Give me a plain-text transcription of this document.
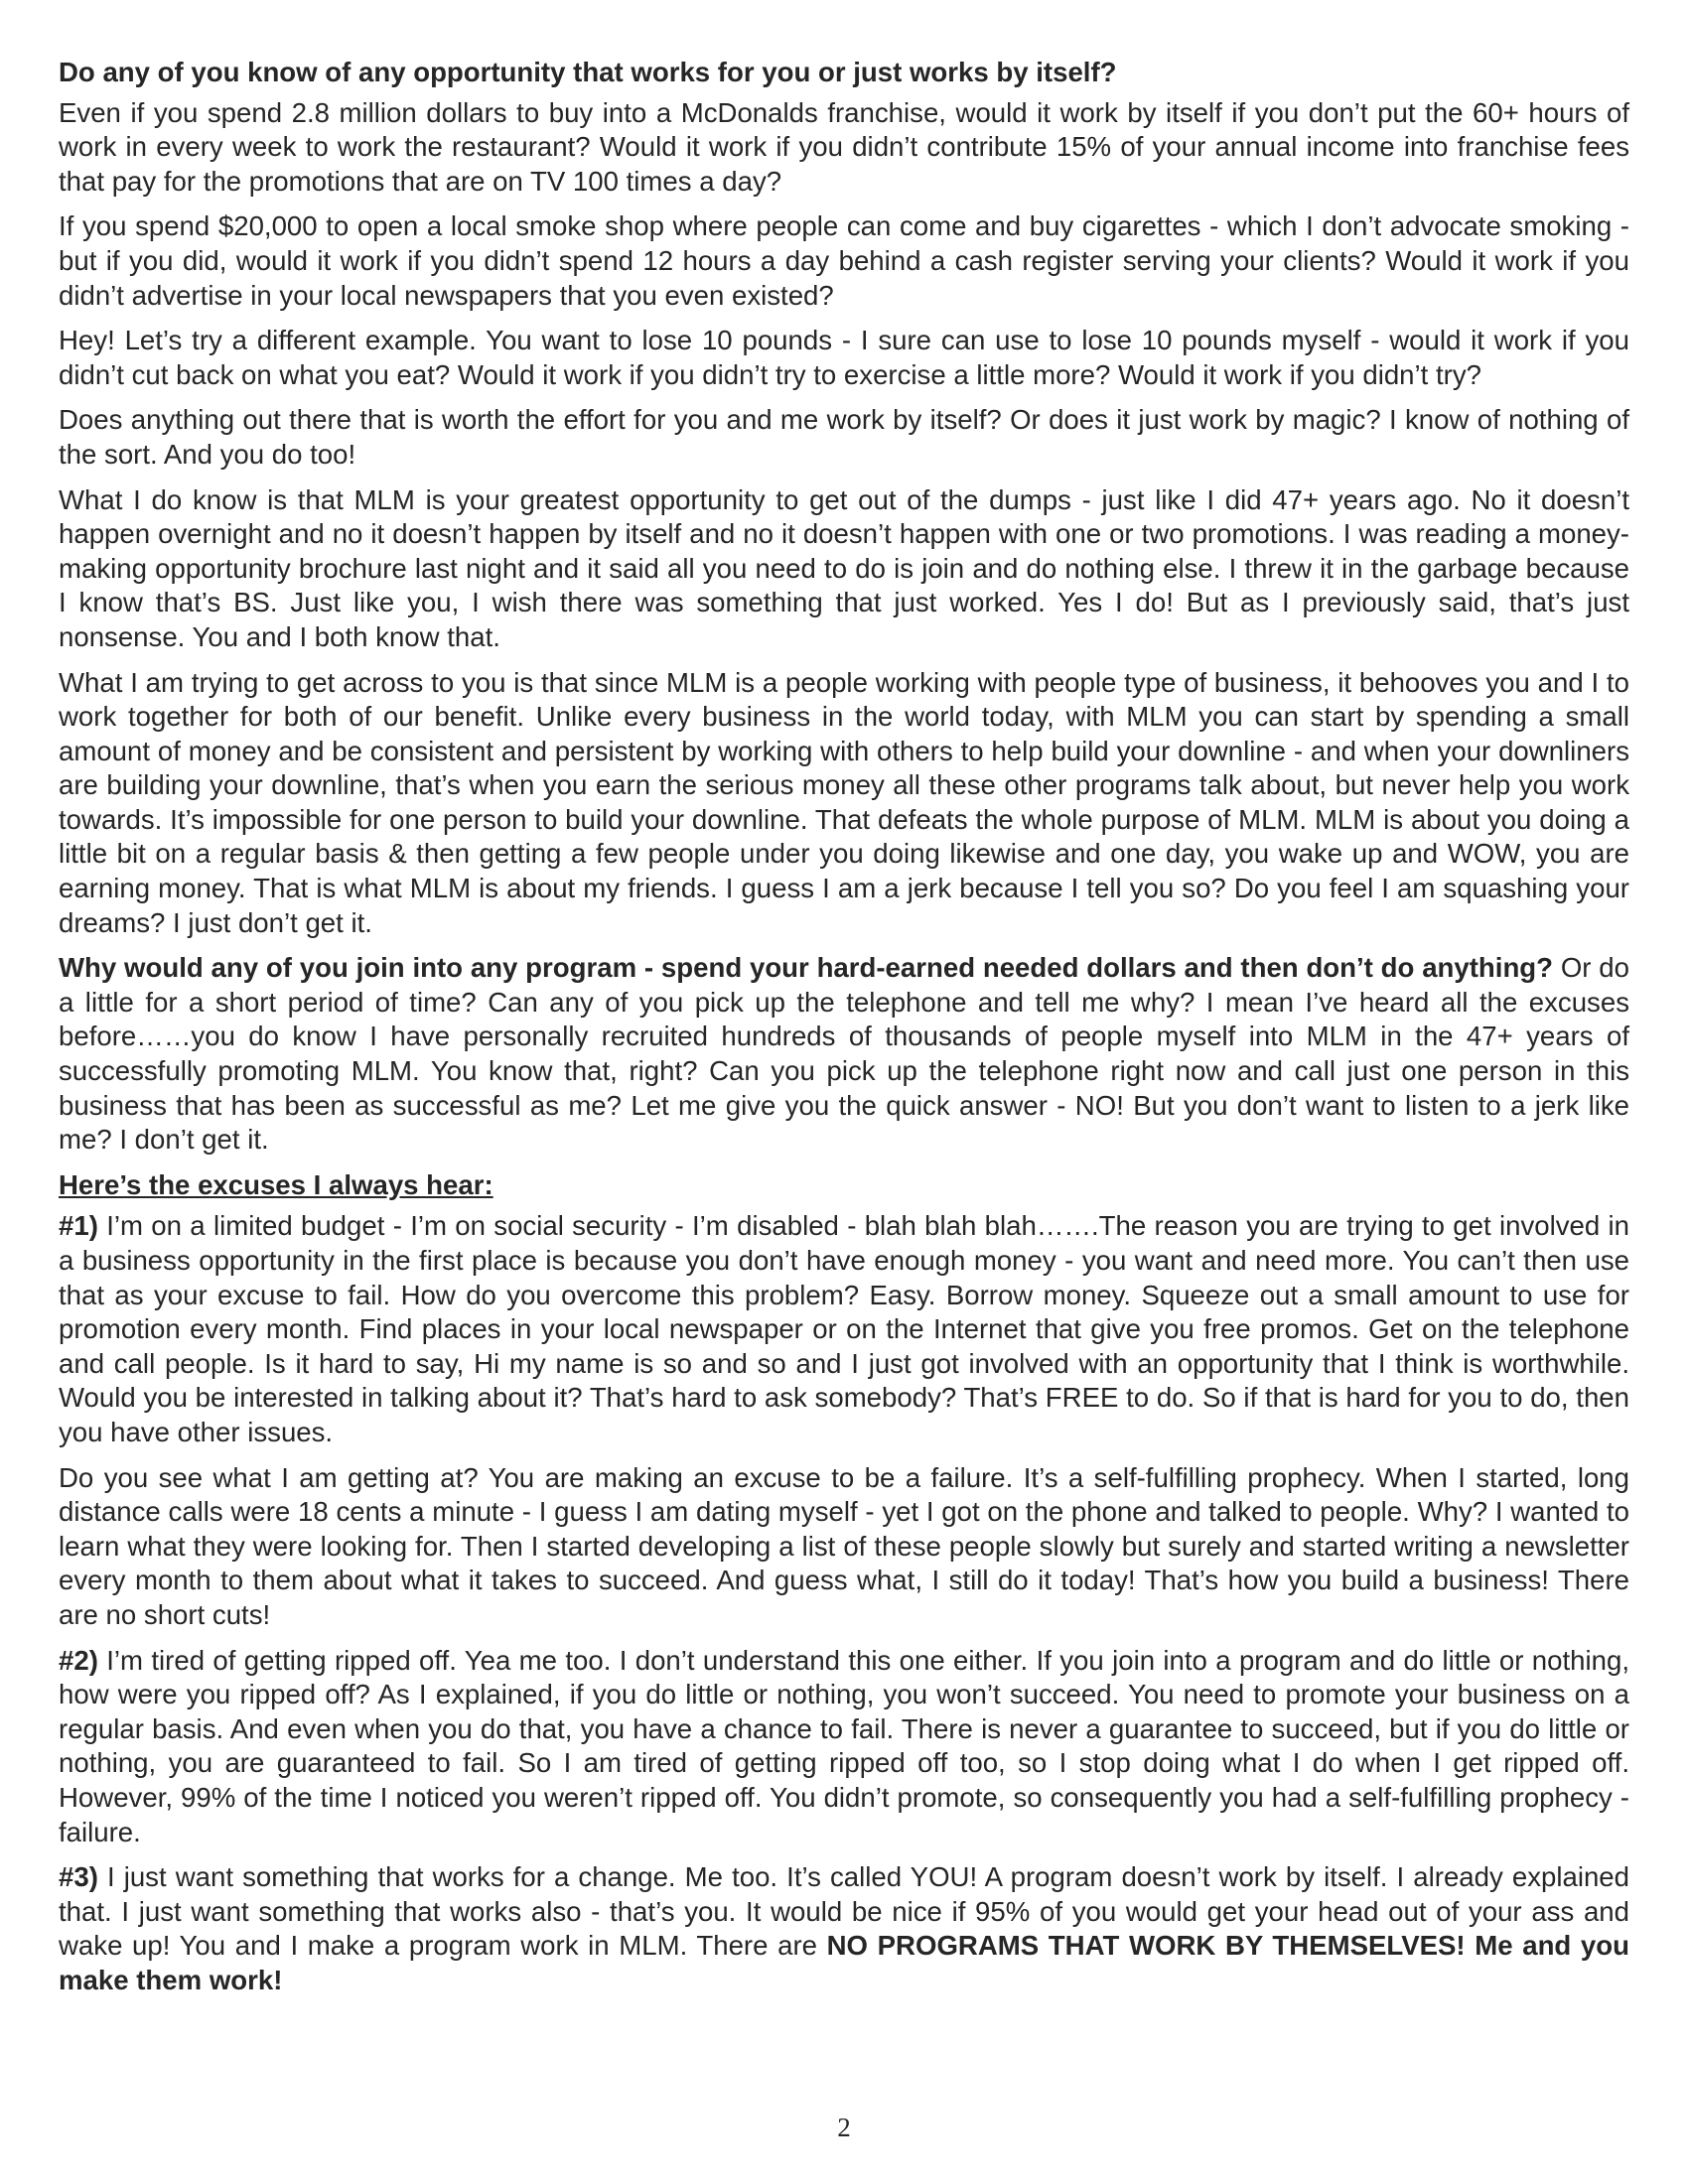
Do any of you know of any opportunity that works for you or just works by itself?

Even if you spend 2.8 million dollars to buy into a McDonalds franchise, would it work by itself if you don’t put the 60+ hours of work in every week to work the restaurant? Would it work if you didn’t contribute 15% of your annual income into franchise fees that pay for the promotions that are on TV 100 times a day?

If you spend $20,000 to open a local smoke shop where people can come and buy cigarettes - which I don’t advocate smoking - but if you did, would it work if you didn’t spend 12 hours a day behind a cash register serving your clients? Would it work if you didn’t advertise in your local newspapers that you even existed?

Hey! Let’s try a different example. You want to lose 10 pounds - I sure can use to lose 10 pounds myself - would it work if you didn’t cut back on what you eat? Would it work if you didn’t try to exercise a little more? Would it work if you didn’t try?

Does anything out there that is worth the effort for you and me work by itself? Or does it just work by magic? I know of nothing of the sort. And you do too!

What I do know is that MLM is your greatest opportunity to get out of the dumps - just like I did 47+ years ago. No it doesn’t happen overnight and no it doesn’t happen by itself and no it doesn’t happen with one or two promotions. I was reading a money-making opportunity brochure last night and it said all you need to do is join and do nothing else. I threw it in the garbage because I know that’s BS. Just like you, I wish there was something that just worked. Yes I do! But as I previously said, that’s just nonsense. You and I both know that.

What I am trying to get across to you is that since MLM is a people working with people type of business, it behooves you and I to work together for both of our benefit. Unlike every business in the world today, with MLM you can start by spending a small amount of money and be consistent and persistent by working with others to help build your downline - and when your downliners are building your downline, that’s when you earn the serious money all these other programs talk about, but never help you work towards. It’s impossible for one person to build your downline. That defeats the whole purpose of MLM. MLM is about you doing a little bit on a regular basis & then getting a few people under you doing likewise and one day, you wake up and WOW, you are earning money. That is what MLM is about my friends. I guess I am a jerk because I tell you so? Do you feel I am squashing your dreams? I just don’t get it.

Why would any of you join into any program - spend your hard-earned needed dollars and then don’t do anything? Or do a little for a short period of time? Can any of you pick up the telephone and tell me why? I mean I’ve heard all the excuses before……you do know I have personally recruited hundreds of thousands of people myself into MLM in the 47+ years of successfully promoting MLM. You know that, right? Can you pick up the telephone right now and call just one person in this business that has been as successful as me? Let me give you the quick answer - NO! But you don’t want to listen to a jerk like me? I don’t get it.

Here’s the excuses I always hear:

#1) I’m on a limited budget - I’m on social security - I’m disabled - blah blah blah…….The reason you are trying to get involved in a business opportunity in the first place is because you don’t have enough money - you want and need more. You can’t then use that as your excuse to fail. How do you overcome this problem? Easy. Borrow money. Squeeze out a small amount to use for promotion every month. Find places in your local newspaper or on the Internet that give you free promos. Get on the telephone and call people. Is it hard to say, Hi my name is so and so and I just got involved with an opportunity that I think is worthwhile. Would you be interested in talking about it? That’s hard to ask somebody? That’s FREE to do. So if that is hard for you to do, then you have other issues.

Do you see what I am getting at? You are making an excuse to be a failure. It’s a self-fulfilling prophecy. When I started, long distance calls were 18 cents a minute - I guess I am dating myself - yet I got on the phone and talked to people. Why? I wanted to learn what they were looking for. Then I started developing a list of these people slowly but surely and started writing a newsletter every month to them about what it takes to succeed. And guess what, I still do it today! That’s how you build a business! There are no short cuts!

#2) I’m tired of getting ripped off. Yea me too. I don’t understand this one either. If you join into a program and do little or nothing, how were you ripped off? As I explained, if you do little or nothing, you won’t succeed. You need to promote your business on a regular basis. And even when you do that, you have a chance to fail. There is never a guarantee to succeed, but if you do little or nothing, you are guaranteed to fail. So I am tired of getting ripped off too, so I stop doing what I do when I get ripped off. However, 99% of the time I noticed you weren’t ripped off. You didn’t promote, so consequently you had a self-fulfilling prophecy - failure.

#3) I just want something that works for a change. Me too. It’s called YOU! A program doesn’t work by itself. I already explained that. I just want something that works also - that’s you. It would be nice if 95% of you would get your head out of your ass and wake up! You and I make a program work in MLM. There are NO PROGRAMS THAT WORK BY THEMSELVES! Me and you make them work!

2
